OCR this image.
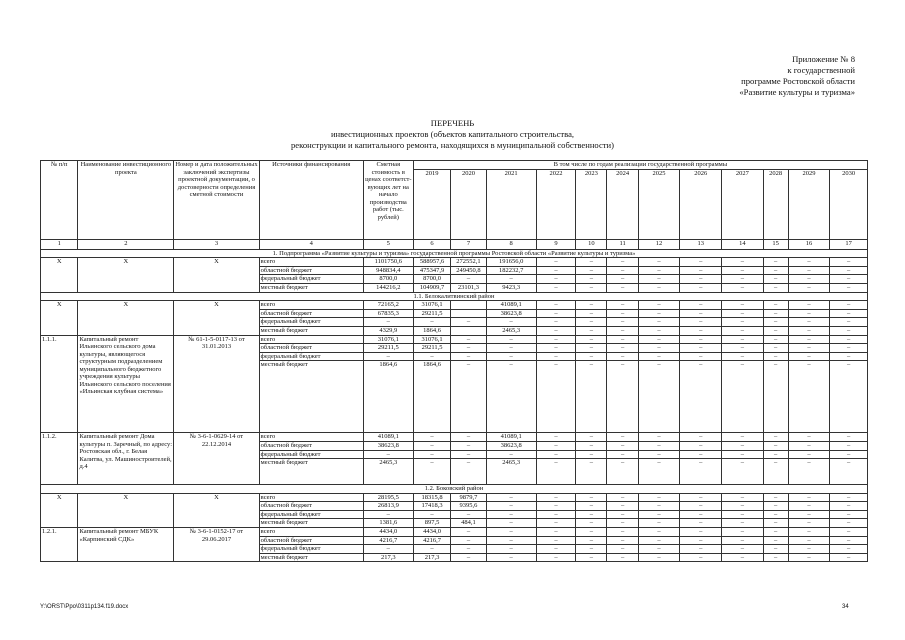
Приложение № 8
к государственной
программе Ростовской области
«Развитие культуры и туризма»
ПЕРЕЧЕНЬ
инвестиционных проектов (объектов капитального строительства,
реконструкции и капитального ремонта, находящихся в муниципальной собственности)
№ п/п	Наименование инвестиционного проекта	Номер и дата положительных заключений экспертизы проектной документации, о достоверности определения сметной стоимости	Источники финансирования	Сметная стоимость в ценах соответст-вующих лет на начало производства работ (тыс. рублей)	В том числе по годам реализации государственной программы											
					2019	2020	2021	2022	2023	2024	2025	2026	2027	2028	2029	2030
1	2	3	4	5	6	7	8	9	10	11	12	13	14	15	16	17
1. Подпрограмма «Развитие культуры и туризма» государственной программы Ростовской области «Развитие культуры и туризма»																
Х	Х	Х	всего	1101750,6	588957,6	272552,1	191656,0	–	–	–	–	–	–	–	–	–
			областной бюджет	948834,4	475347,9	249450,8	182232,7	–	–	–	–	–	–	–	–	–
			федеральный бюджет	8700,0	8700,0	–	–	–	–	–	–	–	–	–	–	–
			местный бюджет	144216,2	104909,7	23101,3	9423,3	–	–	–	–	–	–	–	–	–
1.1. Белокалитвинский район																
Х	Х	Х	всего	72165,2	31076,1		41089,1	–	–	–	–	–	–	–	–	–
			областной бюджет	67835,3	29211,5		38623,8	–	–	–	–	–	–	–	–	–
			федеральный бюджет	–	–	–	–	–	–	–	–	–	–	–	–	–
			местный бюджет	4329,9	1864,6		2465,3	–	–	–	–	–	–	–	–	–
1.1.1.	Капитальный ремонт Ильинского сельского дома культуры, являющегося структурным подразделением муниципального бюджетного учреждения культуры Ильинского сельского поселения «Ильинская клубная система»	№ 61-1-5-0117-13 от 31.01.2013	всего	31076,1	31076,1	–	–	–	–	–	–	–	–	–	–	–
			областной бюджет	29211,5	29211,5	–	–	–	–	–	–	–	–	–	–	–
			федеральный бюджет	–	–	–	–	–	–	–	–	–	–	–	–	–
			местный бюджет	1864,6	1864,6	–	–	–	–	–	–	–	–	–	–	–
1.1.2.	Капитальный ремонт Дома культуры п. Заречный, по адресу: Ростовская обл., г. Белая Калитва, ул. Машиностроителей, д.4	№ 3-6-1-0629-14 от 22.12.2014	всего	41089,1	–	–	41089,1	–	–	–	–	–	–	–	–	–
			областной бюджет	38623,8	–	–	38623,8	–	–	–	–	–	–	–	–	–
			федеральный бюджет	–	–	–	–	–	–	–	–	–	–	–	–	–
			местный бюджет	2465,3	–	–	2465,3	–	–	–	–	–	–	–	–	–
1.2. Боковский район																
Х	Х	Х	всего	28195,5	18315,8	9879,7	–	–	–	–	–	–	–	–	–	–
			областной бюджет	26813,9	17418,3	9395,6	–	–	–	–	–	–	–	–	–	–
			федеральный бюджет	–	–	–	–	–	–	–	–	–	–	–	–	–
			местный бюджет	1381,6	897,5	484,1	–	–	–	–	–	–	–	–	–	–
1.2.1.	Капитальный ремонт МБУК «Карпинский СДК»	№ 3-6-1-0152-17 от 29.06.2017	всего	4434,0	4434,0	–	–	–	–	–	–	–	–	–	–	–
			областной бюджет	4216,7	4216,7	–	–	–	–	–	–	–	–	–	–	–
			федеральный бюджет	–	–	–	–	–	–	–	–	–	–	–	–	–
			местный бюджет	217,3	217,3	–	–	–	–	–	–	–	–	–	–	–
Y:\ORST\Ppo\0311p134.f19.docx	34
